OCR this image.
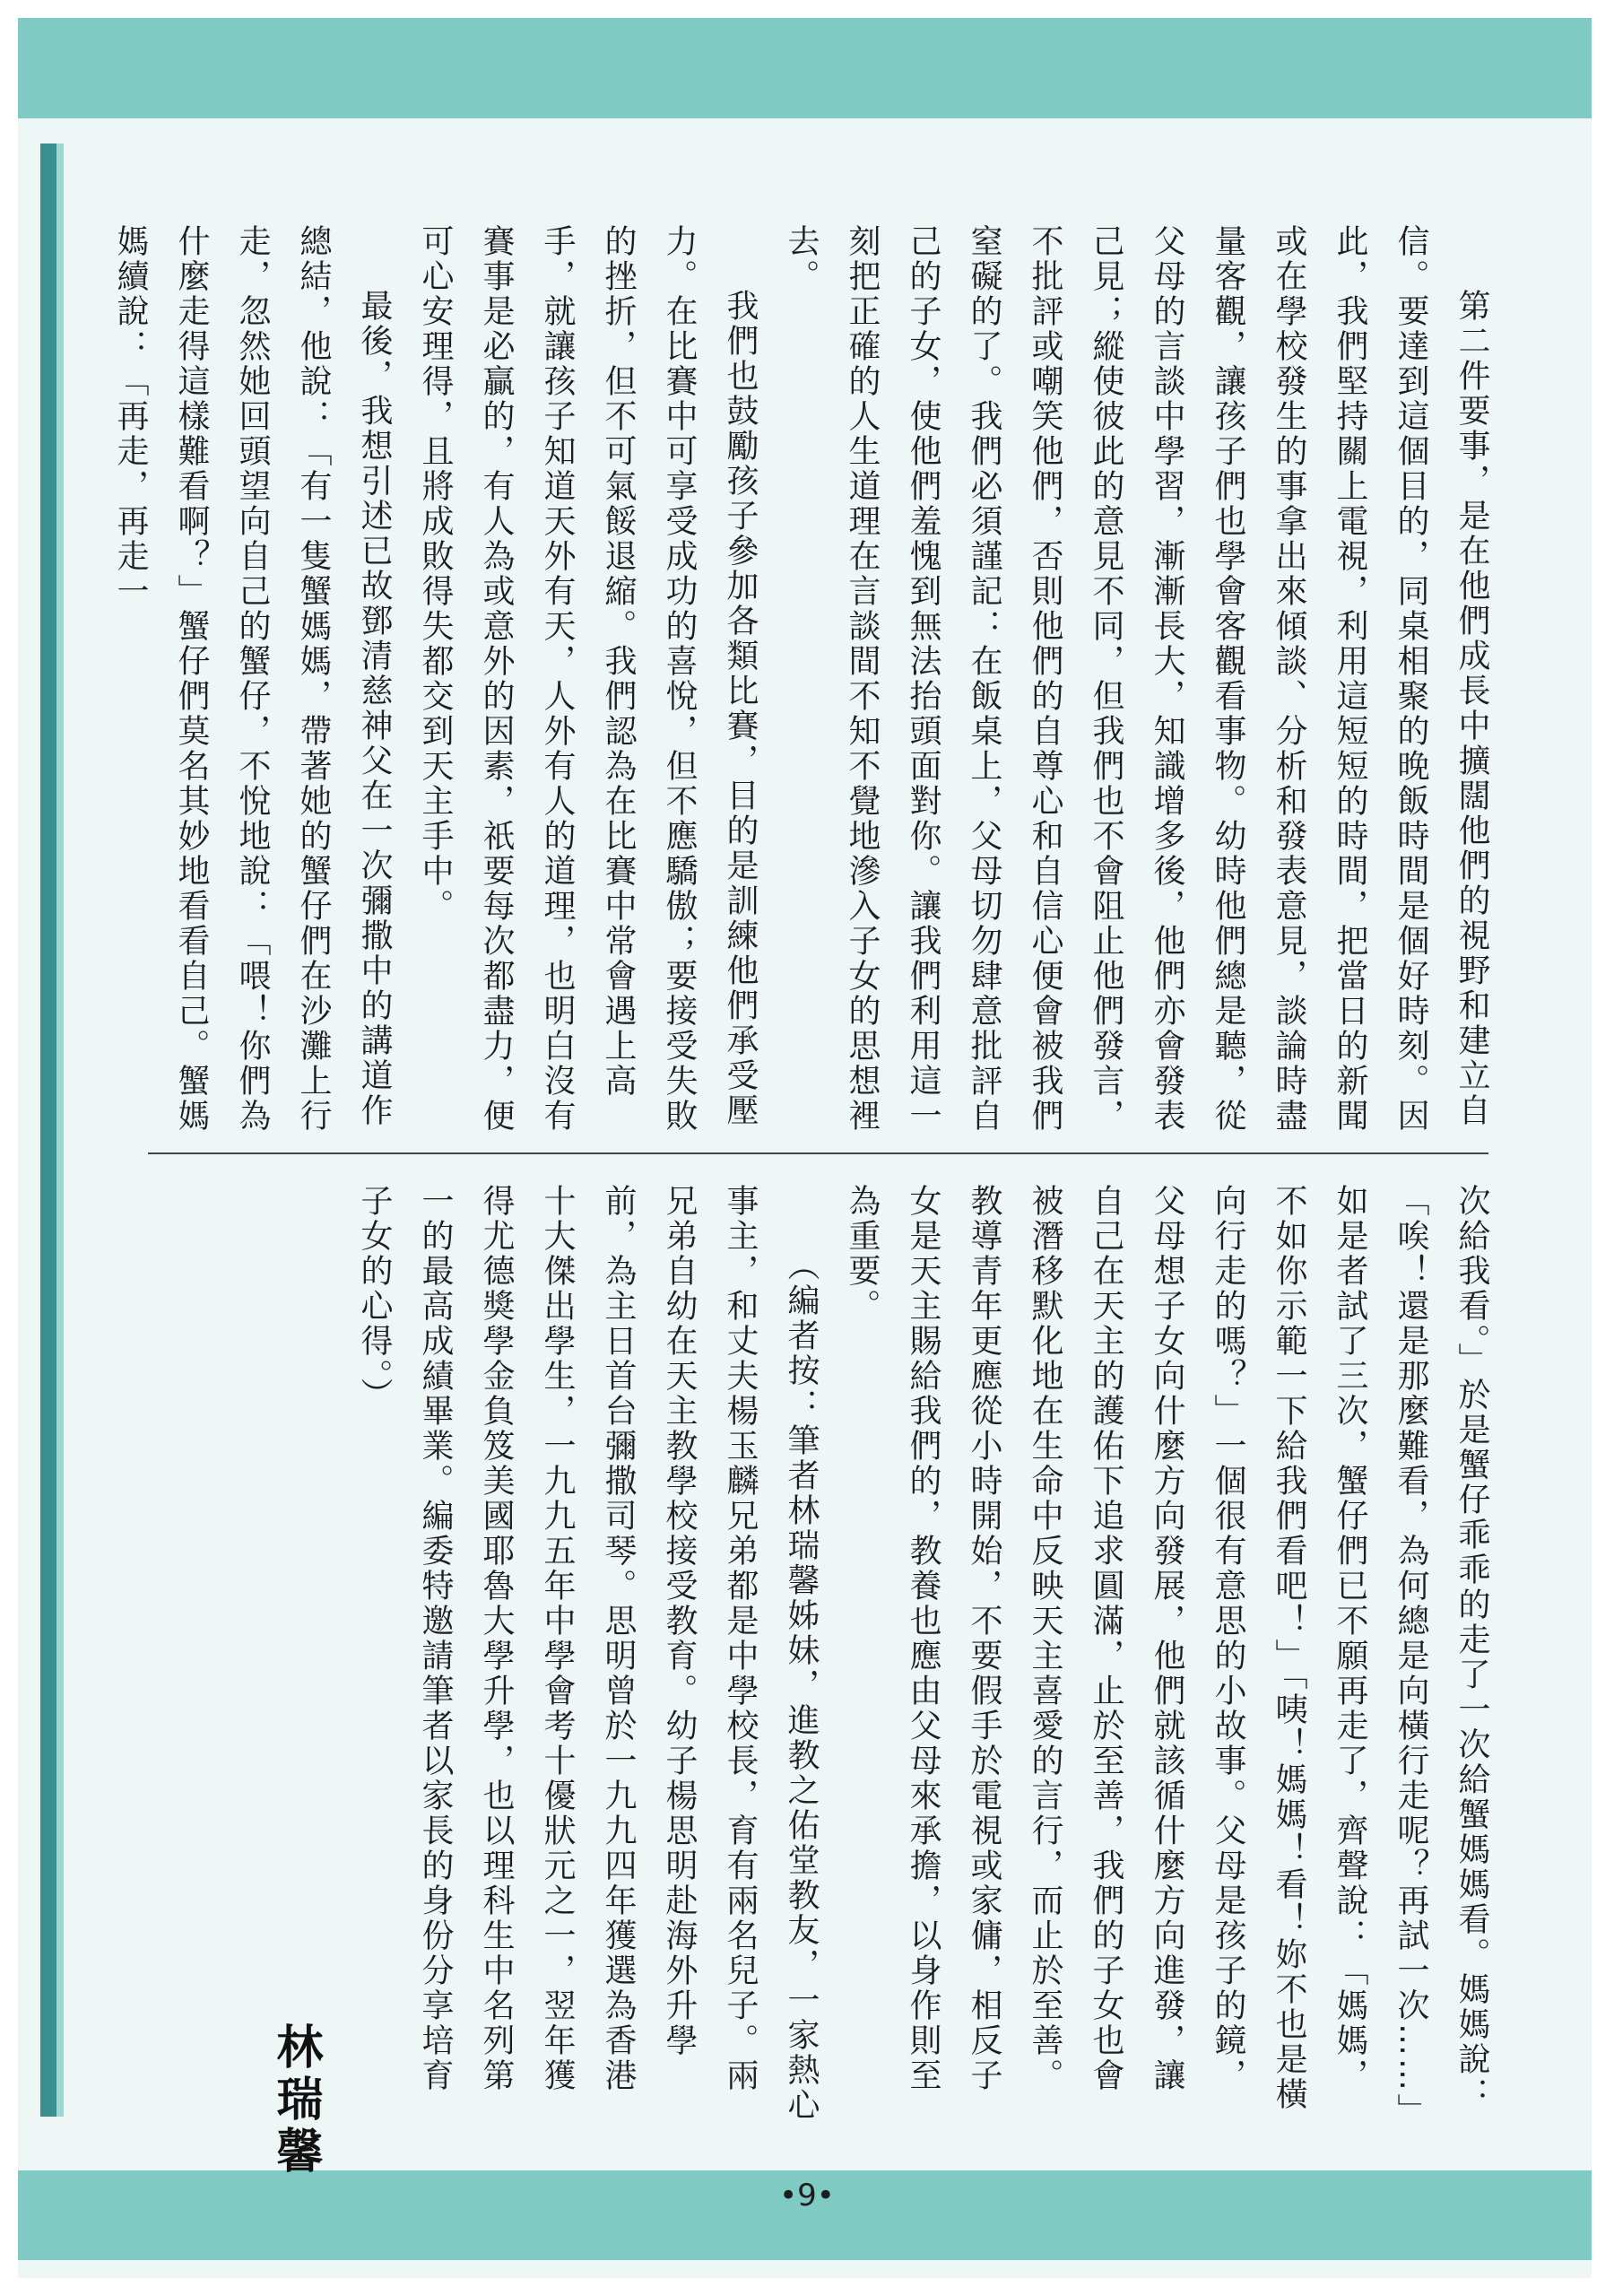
第二件要事，是在他們成長中擴闊他們的視野和建立自信。要達到這個目的，同桌相聚的晚飯時間是個好時刻。因此，我們堅持關上電視，利用這短短的時間，把當日的新聞或在學校發生的事拿出來傾談、分析和發表意見，談論時盡量客觀，讓孩子們也學會客觀看事物。幼時他們總是聽，從父母的言談中學習，漸漸長大，知識增多後，他們亦會發表己見；縱使彼此的意見不同，但我們也不會阻止他們發言，不批評或嘲笑他們，否則他們的自尊心和自信心便會被我們窒礙的了。我們必須謹記：在飯桌上，父母切勿肆意批評自己的子女，使他們羞愧到無法抬頭面對你。讓我們利用這一刻把正確的人生道理在言談間不知不覺地滲入子女的思想裡去。

我們也鼓勵孩子參加各類比賽，目的是訓練他們承受壓力。在比賽中可享受成功的喜悅，但不應驕傲；要接受失敗的挫折，但不可氣餒退縮。我們認為在比賽中常會遇上高手，就讓孩子知道天外有天，人外有人的道理，也明白沒有賽事是必贏的，有人為或意外的因素，祇要每次都盡力，便可心安理得，且將成敗得失都交到天主手中。

最後，我想引述已故鄧清慈神父在一次彌撒中的講道作總結，他說：「有一隻蟹媽媽，帶著她的蟹仔們在沙灘上行走，忽然她回頭望向自己的蟹仔，不悅地說：「喂！你們為什麼走得這樣難看啊？」蟹仔們莫名其妙地看看自己。蟹媽媽續說：「再走，再走一

次給我看。」於是蟹仔乖乖的走了一次給蟹媽媽看。媽媽說：「唉！還是那麼難看，為何總是向橫行走呢？再試一次……」如是者試了三次，蟹仔們已不願再走了，齊聲說：「媽媽，不如你示範一下給我們看吧！」「咦！媽媽！看！妳不也是橫向行走的嗎？」一個很有意思的小故事。父母是孩子的鏡，父母想子女向什麼方向發展，他們就該循什麼方向進發，讓自己在天主的護佑下追求圓滿，止於至善，我們的子女也會被潛移默化地在生命中反映天主喜愛的言行，而止於至善。教導青年更應從小時開始，不要假手於電視或家傭，相反子女是天主賜給我們的，教養也應由父母來承擔，以身作則至為重要。

（編者按：筆者林瑞馨姊妹，進教之佑堂教友，一家熱心事主，和丈夫楊玉麟兄弟都是中學校長，育有兩名兒子。兩兄弟自幼在天主教學校接受教育。幼子楊思明赴海外升學前，為主日首台彌撒司琴。思明曾於一九九四年獲選為香港十大傑出學生，一九九五年中學會考十優狀元之一，翌年獲得尤德獎學金負笈美國耶魯大學升學，也以理科生中名列第一的最高成績畢業。編委特邀請筆者以家長的身份分享培育子女的心得。）

林瑞馨
•9•
